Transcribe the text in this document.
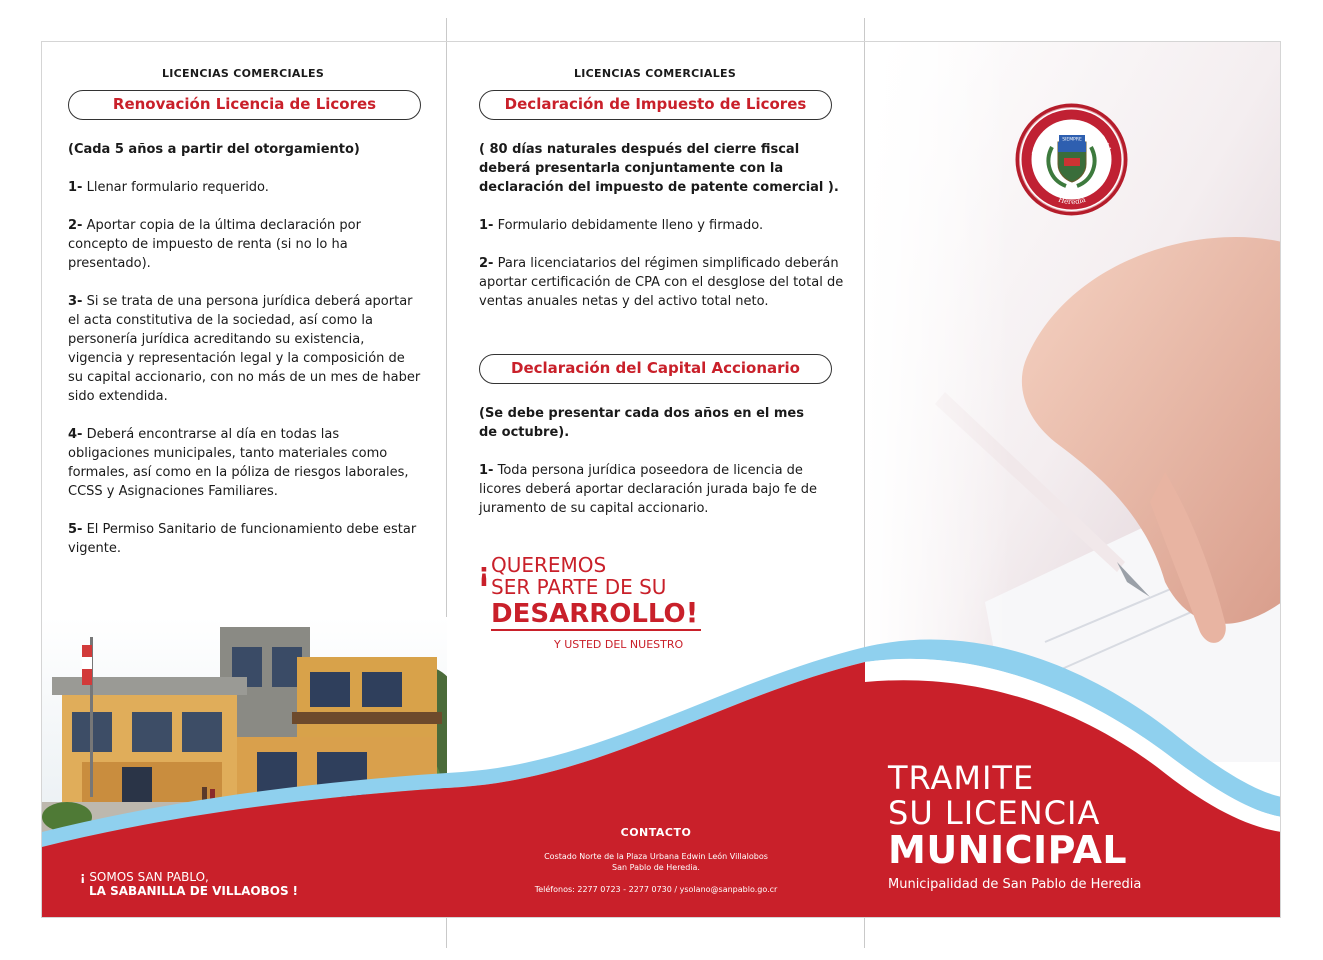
LICENCIAS COMERCIALES
Renovación Licencia de Licores

(Cada 5 años a partir del otorgamiento)

1- Llenar formulario requerido.

2- Aportar copia de la última declaración por concepto de impuesto de renta (si no lo ha presentado).

3- Si se trata de una persona jurídica deberá aportar el acta constitutiva de la sociedad, así como la personería jurídica acreditando su existencia, vigencia y representación legal y la composición de su capital accionario, con no más de un mes de haber sido extendida.

4- Deberá encontrarse al día en todas las obligaciones municipales, tanto materiales como formales, así como en la póliza de riesgos laborales, CCSS y Asignaciones Familiares.

5- El Permiso Sanitario de funcionamiento debe estar vigente.

¡ SOMOS SAN PABLO,
LA SABANILLA DE VILLAOBOS !
LICENCIAS COMERCIALES
Declaración de Impuesto de Licores

( 80 días naturales después del cierre fiscal deberá presentarla conjuntamente con la declaración del impuesto de patente comercial ).

1- Formulario debidamente lleno y firmado.

2- Para licenciatarios del régimen simplificado deberán aportar certificación de CPA con el desglose del total de ventas anuales netas y del activo total neto.

Declaración del Capital Accionario

(Se debe presentar cada dos años en el mes de octubre).

1- Toda persona jurídica poseedora de licencia de licores deberá aportar declaración jurada bajo fe de juramento de su capital accionario.

¡ QUEREMOS
SER PARTE DE SU
DESARROLLO!
Y USTED DEL NUESTRO
CONTACTO
Costado Norte de la Plaza Urbana Edwin León Villalobos
San Pablo de Heredia.
Teléfonos: 2277 0723 - 2277 0730 / ysolano@sanpablo.go.cr
Municipalidad de San Pablo
Heredia
SIEMPRE
TRAMITE
SU LICENCIA
MUNICIPAL
Municipalidad de San Pablo de Heredia
